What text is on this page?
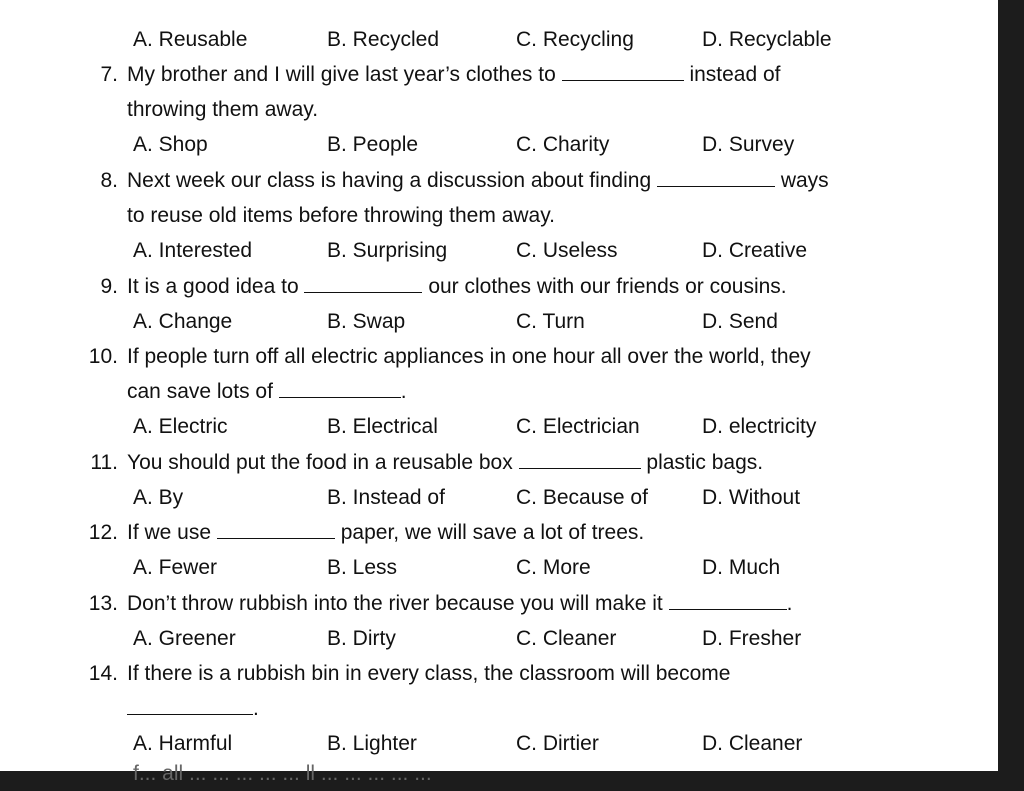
A. Reusable	B. Recycled	C. Recycling	D. Recyclable
7. My brother and I will give last year’s clothes to	instead of
throwing them away.
A. Shop	B. People	C. Charity	D. Survey
8. Next week our class is having a discussion about finding	ways
to reuse old items before throwing them away.
A. Interested	B. Surprising	C. Useless	D. Creative
9. It is a good idea to	our clothes with our friends or cousins.
A. Change	B. Swap	C. Turn	D. Send
10. If people turn off all electric appliances in one hour all over the world, they
can save lots of	.
A. Electric	B. Electrical	C. Electrician	D. electricity
11. You should put the food in a reusable box	plastic bags.
A. By	B. Instead of	C. Because of	D. Without
12. If we use	paper, we will save a lot of trees.
A. Fewer	B. Less	C. More	D. Much
13. Don’t throw rubbish into the river because you will make it	.
A. Greener	B. Dirty	C. Cleaner	D. Fresher
14. If there is a rubbish bin in every class, the classroom will become
.
A. Harmful	B. Lighter	C. Dirtier	D. Cleaner
f... all ... ... ... ... ... ll ... ... ... ... ...
